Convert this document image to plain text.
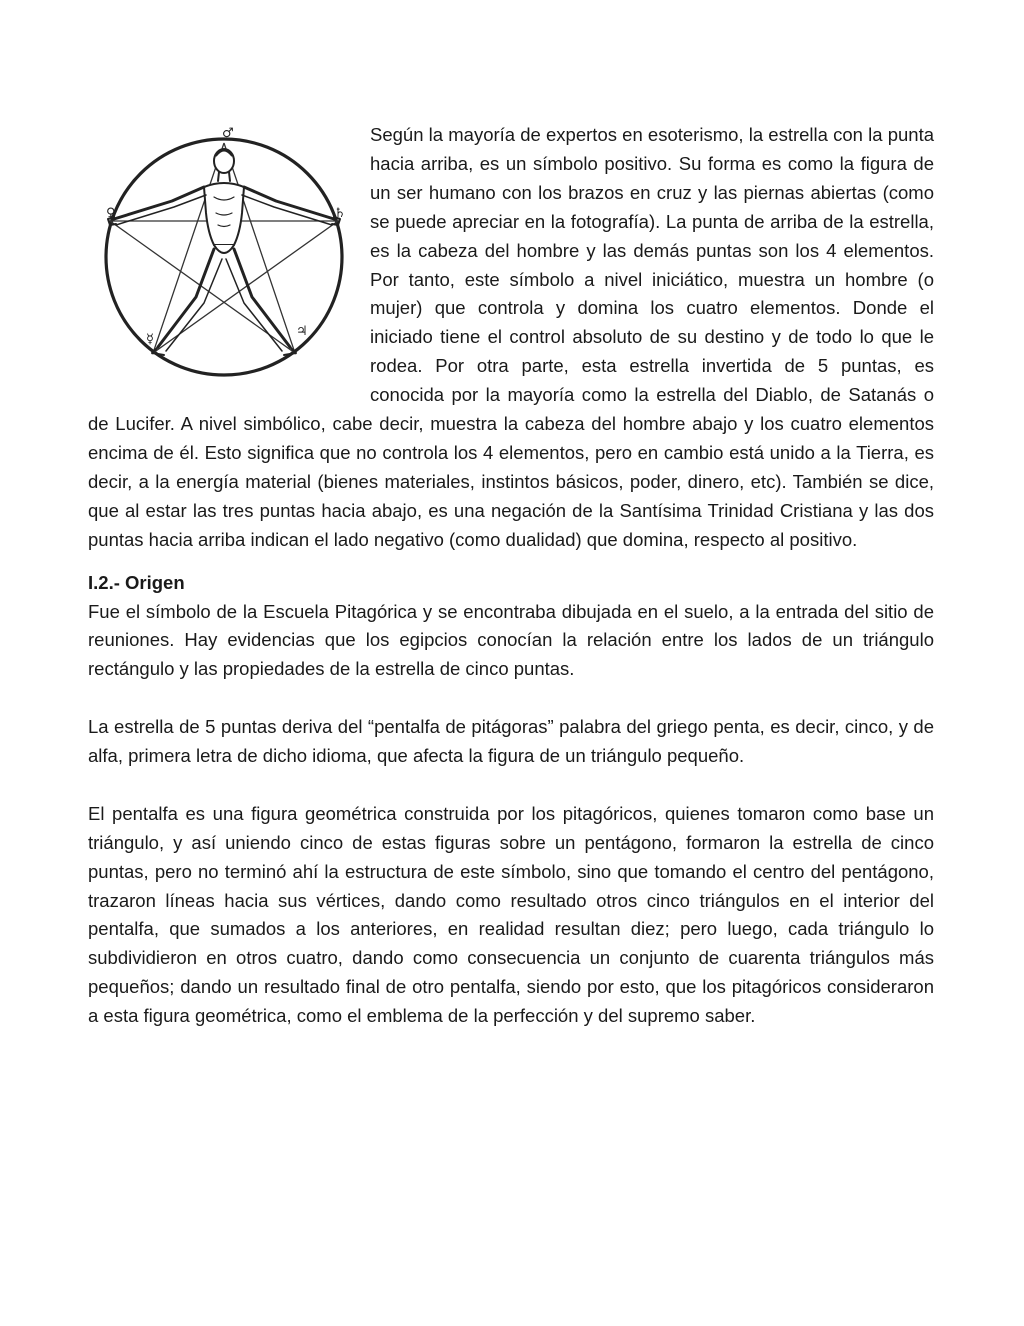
♂
♀
☿
♃
♄

Según la mayoría de expertos en esoterismo, la estrella con la punta hacia arriba, es un símbolo positivo. Su forma es como la figura de un ser humano con los brazos en cruz y las piernas abiertas (como se puede apreciar en la fotografía). La punta de arriba de la estrella, es la cabeza del hombre y las demás puntas son los 4 elementos. Por tanto, este símbolo a nivel iniciático, muestra un hombre (o mujer) que controla y domina los cuatro elementos. Donde el iniciado tiene el control absoluto de su destino y de todo lo que le rodea. Por otra parte, esta estrella invertida de 5 puntas, es conocida por la mayoría como la estrella del Diablo, de Satanás o de Lucifer. A nivel simbólico, cabe decir, muestra la cabeza del hombre abajo y los cuatro elementos encima de él. Esto significa que no controla los 4 elementos, pero en cambio está unido a la Tierra, es decir, a la energía material (bienes materiales, instintos básicos, poder, dinero, etc). También se dice, que al estar las tres puntas hacia abajo, es una negación de la Santísima Trinidad Cristiana y las dos puntas hacia arriba indican el lado negativo (como dualidad) que domina, respecto al positivo.

I.2.- Origen

Fue el símbolo de la Escuela Pitagórica y se encontraba dibujada en el suelo, a la entrada del sitio de reuniones. Hay evidencias que los egipcios conocían la relación entre los lados de un triángulo rectángulo y las propiedades de la estrella de cinco puntas.

La estrella de 5 puntas deriva del “pentalfa de pitágoras” palabra del griego penta, es decir, cinco, y de alfa, primera letra de dicho idioma, que afecta la figura de un triángulo pequeño.

El pentalfa es una figura geométrica construida por los pitagóricos, quienes tomaron como base un triángulo, y así uniendo cinco de estas figuras sobre un pentágono, formaron la estrella de cinco puntas, pero no terminó ahí la estructura de este símbolo, sino que tomando el centro del pentágono, trazaron líneas hacia sus vértices, dando como resultado otros cinco triángulos en el interior del pentalfa, que sumados a los anteriores, en realidad resultan diez; pero luego, cada triángulo lo subdividieron en otros cuatro, dando como consecuencia un conjunto de cuarenta triángulos más pequeños; dando un resultado final de otro pentalfa, siendo por esto, que los pitagóricos consideraron a esta figura geométrica, como el emblema de la perfección y del supremo saber.
